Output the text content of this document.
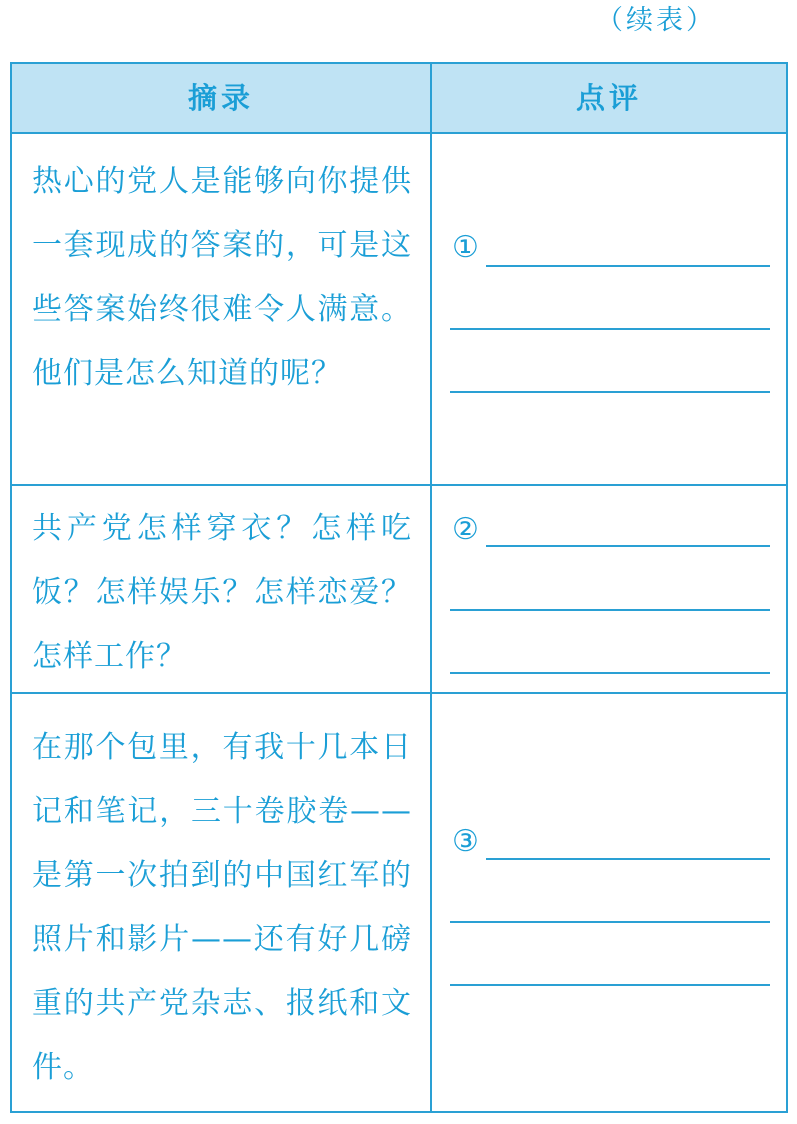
（续表）
摘录	点评
热心的党人是能够向你提供一套现成的答案的，可是这些答案始终很难令人满意。他们是怎么知道的呢？
①
共产党怎样穿衣？怎样吃饭？怎样娱乐？怎样恋爱？怎样工作？
②
在那个包里，有我十几本日记和笔记，三十卷胶卷——是第一次拍到的中国红军的照片和影片——还有好几磅重的共产党杂志、报纸和文件。
③
